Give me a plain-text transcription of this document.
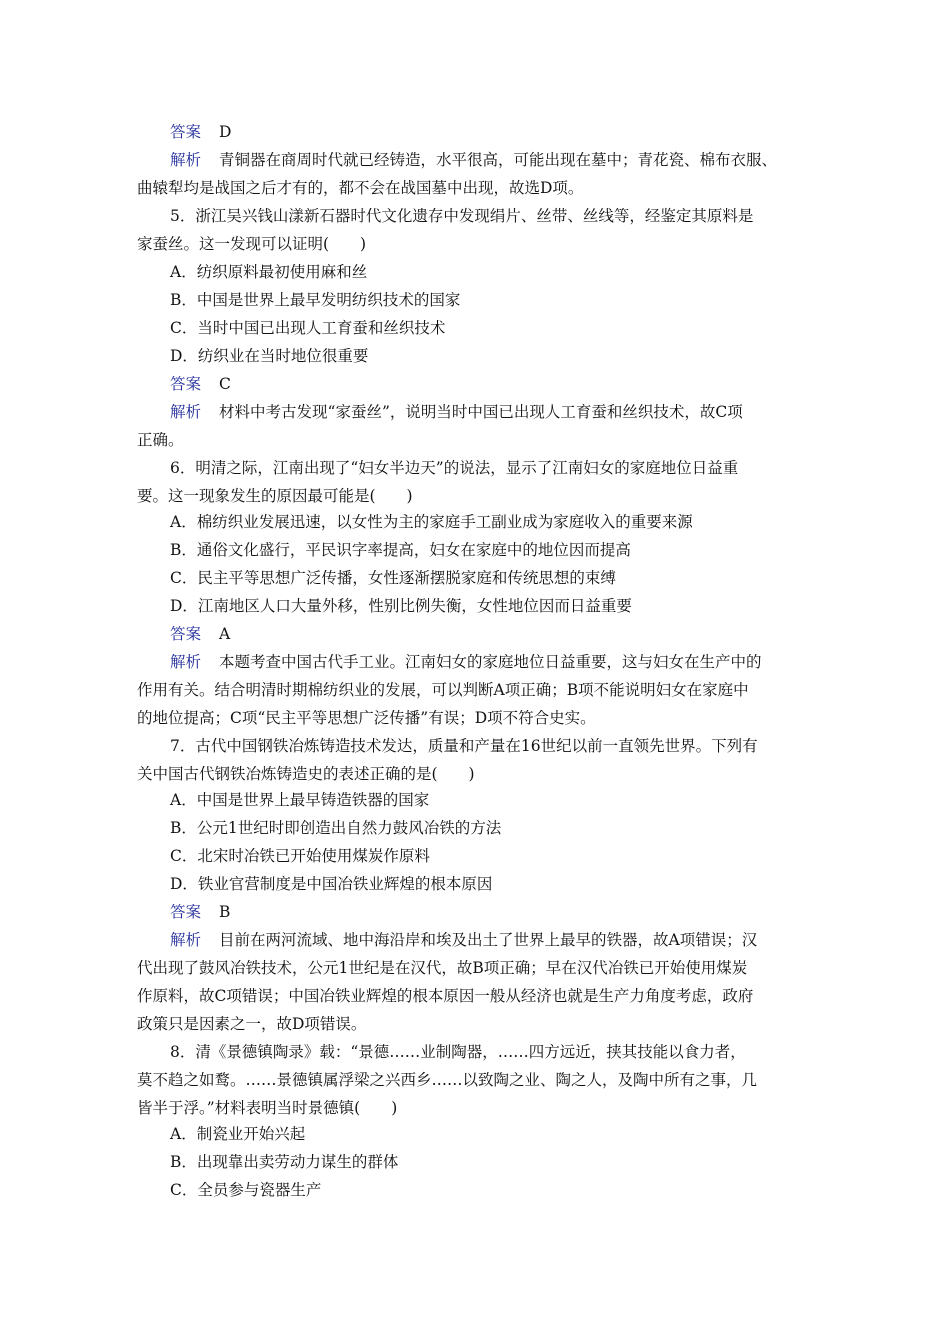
答案 D
解析 青铜器在商周时代就已经铸造，水平很高，可能出现在墓中；青花瓷、棉布衣服、
曲辕犁均是战国之后才有的，都不会在战国墓中出现，故选D项。
5．浙江吴兴钱山漾新石器时代文化遗存中发现绢片、丝带、丝线等，经鉴定其原料是
家蚕丝。这一发现可以证明(　　)
A．纺织原料最初使用麻和丝
B．中国是世界上最早发明纺织技术的国家
C．当时中国已出现人工育蚕和丝织技术
D．纺织业在当时地位很重要
答案 C
解析 材料中考古发现“家蚕丝”，说明当时中国已出现人工育蚕和丝织技术，故C项
正确。
6．明清之际，江南出现了“妇女半边天”的说法，显示了江南妇女的家庭地位日益重
要。这一现象发生的原因最可能是(　　)
A．棉纺织业发展迅速，以女性为主的家庭手工副业成为家庭收入的重要来源
B．通俗文化盛行，平民识字率提高，妇女在家庭中的地位因而提高
C．民主平等思想广泛传播，女性逐渐摆脱家庭和传统思想的束缚
D．江南地区人口大量外移，性别比例失衡，女性地位因而日益重要
答案 A
解析 本题考查中国古代手工业。江南妇女的家庭地位日益重要，这与妇女在生产中的
作用有关。结合明清时期棉纺织业的发展，可以判断A项正确；B项不能说明妇女在家庭中
的地位提高；C项“民主平等思想广泛传播”有误；D项不符合史实。
7．古代中国钢铁冶炼铸造技术发达，质量和产量在16世纪以前一直领先世界。下列有
关中国古代钢铁冶炼铸造史的表述正确的是(　　)
A．中国是世界上最早铸造铁器的国家
B．公元1世纪时即创造出自然力鼓风冶铁的方法
C．北宋时冶铁已开始使用煤炭作原料
D．铁业官营制度是中国冶铁业辉煌的根本原因
答案 B
解析 目前在两河流域、地中海沿岸和埃及出土了世界上最早的铁器，故A项错误；汉
代出现了鼓风冶铁技术，公元1世纪是在汉代，故B项正确；早在汉代冶铁已开始使用煤炭
作原料，故C项错误；中国冶铁业辉煌的根本原因一般从经济也就是生产力角度考虑，政府
政策只是因素之一，故D项错误。
8．清《景德镇陶录》载：“景德……业制陶器，……四方远近，挟其技能以食力者，
莫不趋之如鹜。……景德镇属浮梁之兴西乡……以致陶之业、陶之人，及陶中所有之事，几
皆半于浮。”材料表明当时景德镇(　　)
A．制瓷业开始兴起
B．出现靠出卖劳动力谋生的群体
C．全员参与瓷器生产
